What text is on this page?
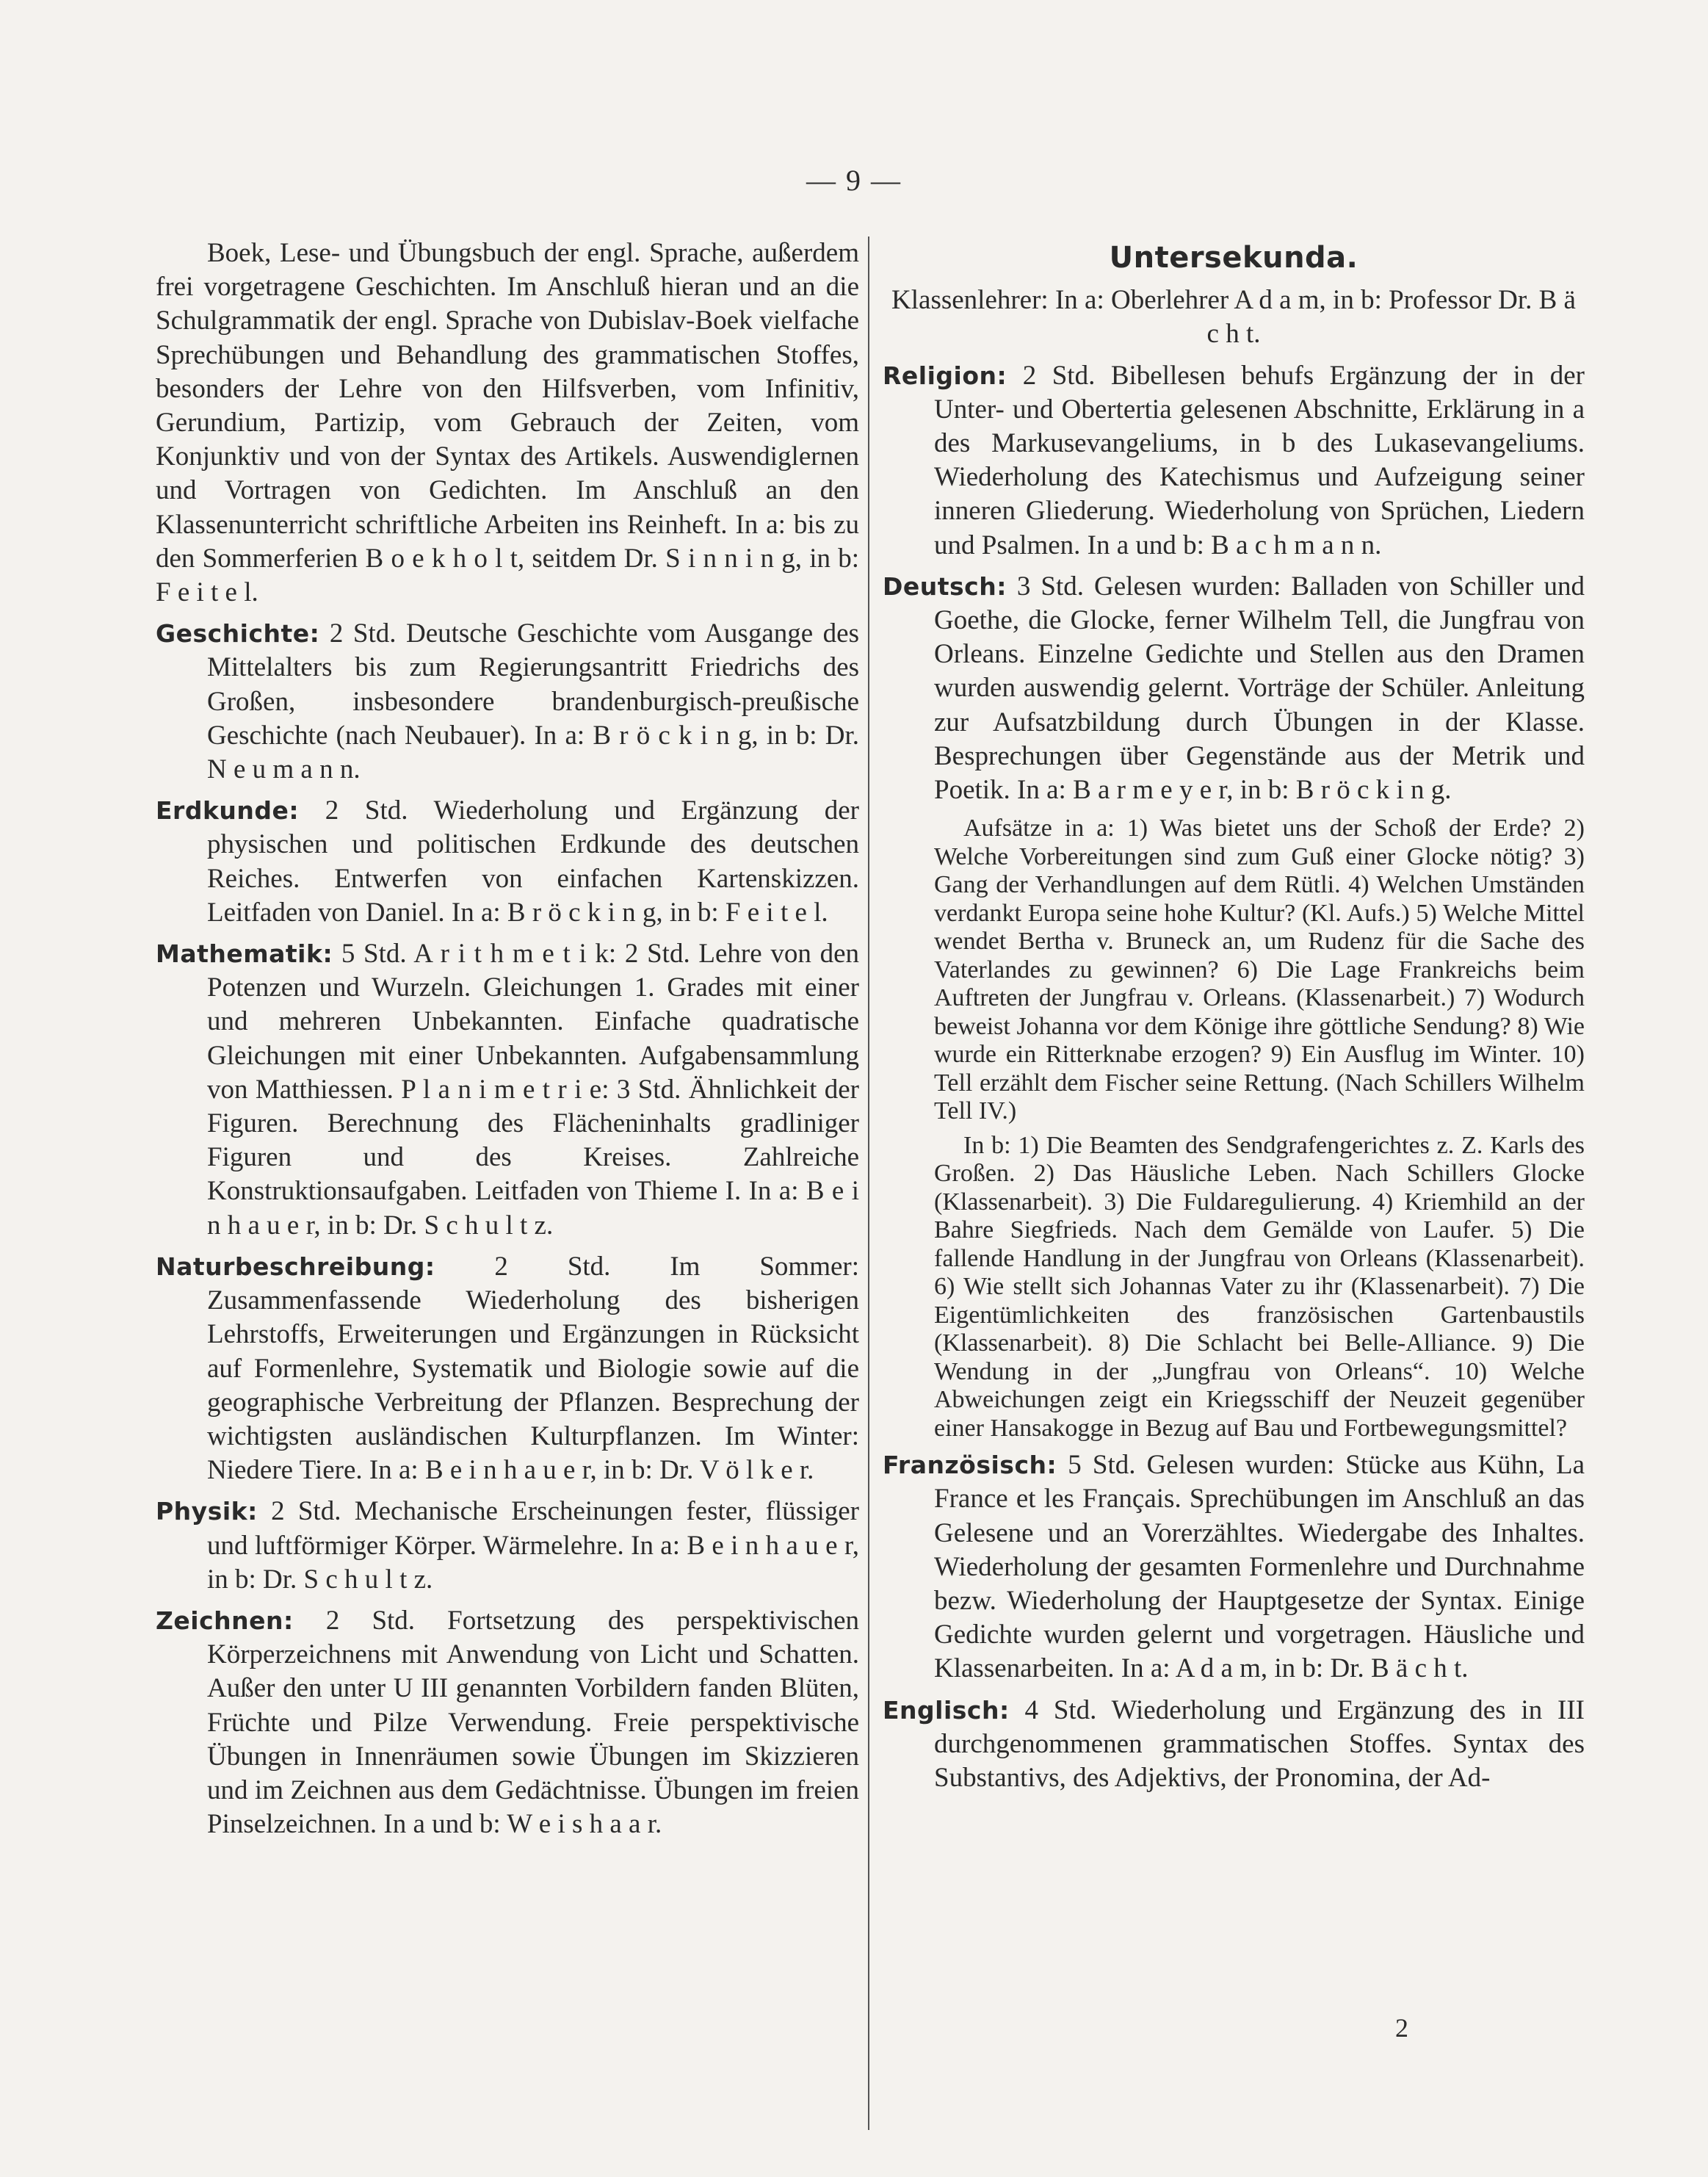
— 9 —

Boek, Lese- und Übungsbuch der engl. Sprache, außerdem frei vorgetragene Geschichten. Im Anschluß hieran und an die Schulgrammatik der engl. Sprache von Dubislav-Boek vielfache Sprechübungen und Behandlung des grammatischen Stoffes, besonders der Lehre von den Hilfsverben, vom Infinitiv, Gerundium, Partizip, vom Gebrauch der Zeiten, vom Konjunktiv und von der Syntax des Artikels. Auswendiglernen und Vortragen von Gedichten. Im Anschluß an den Klassenunterricht schriftliche Arbeiten ins Reinheft. In a: bis zu den Sommerferien B o e k h o l t, seitdem Dr. S i n n i n g, in b: F e i t e l.

Geschichte: 2 Std. Deutsche Geschichte vom Ausgange des Mittelalters bis zum Regierungsantritt Friedrichs des Großen, insbesondere brandenburgisch-preußische Geschichte (nach Neubauer). In a: B r ö c k i n g, in b: Dr. N e u m a n n.

Erdkunde: 2 Std. Wiederholung und Ergänzung der physischen und politischen Erdkunde des deutschen Reiches. Entwerfen von einfachen Kartenskizzen. Leitfaden von Daniel. In a: B r ö c k i n g, in b: F e i t e l.

Mathematik: 5 Std. A r i t h m e t i k: 2 Std. Lehre von den Potenzen und Wurzeln. Gleichungen 1. Grades mit einer und mehreren Unbekannten. Einfache quadratische Gleichungen mit einer Unbekannten. Aufgabensammlung von Matthiessen. P l a n i m e t r i e: 3 Std. Ähnlichkeit der Figuren. Berechnung des Flächeninhalts gradliniger Figuren und des Kreises. Zahlreiche Konstruktionsaufgaben. Leitfaden von Thieme I. In a: B e i n h a u e r, in b: Dr. S c h u l t z.

Naturbeschreibung: 2 Std. Im Sommer: Zusammenfassende Wiederholung des bisherigen Lehrstoffs, Erweiterungen und Ergänzungen in Rücksicht auf Formenlehre, Systematik und Biologie sowie auf die geographische Verbreitung der Pflanzen. Besprechung der wichtigsten ausländischen Kulturpflanzen. Im Winter: Niedere Tiere. In a: B e i n h a u e r, in b: Dr. V ö l k e r.

Physik: 2 Std. Mechanische Erscheinungen fester, flüssiger und luftförmiger Körper. Wärmelehre. In a: B e i n h a u e r, in b: Dr. S c h u l t z.

Zeichnen: 2 Std. Fortsetzung des perspektivischen Körperzeichnens mit Anwendung von Licht und Schatten. Außer den unter U III genannten Vorbildern fanden Blüten, Früchte und Pilze Verwendung. Freie perspektivische Übungen in Innenräumen sowie Übungen im Skizzieren und im Zeichnen aus dem Gedächtnisse. Übungen im freien Pinselzeichnen. In a und b: W e i s h a a r.

Untersekunda.

Klassenlehrer: In a: Oberlehrer A d a m, in b: Professor Dr. B ä c h t.

Religion: 2 Std. Bibellesen behufs Ergänzung der in der Unter- und Obertertia gelesenen Abschnitte, Erklärung in a des Markusevangeliums, in b des Lukasevangeliums. Wiederholung des Katechismus und Aufzeigung seiner inneren Gliederung. Wiederholung von Sprüchen, Liedern und Psalmen. In a und b: B a c h m a n n.

Deutsch: 3 Std. Gelesen wurden: Balladen von Schiller und Goethe, die Glocke, ferner Wilhelm Tell, die Jungfrau von Orleans. Einzelne Gedichte und Stellen aus den Dramen wurden auswendig gelernt. Vorträge der Schüler. Anleitung zur Aufsatzbildung durch Übungen in der Klasse. Besprechungen über Gegenstände aus der Metrik und Poetik. In a: B a r m e y e r, in b: B r ö c k i n g.

Aufsätze in a: 1) Was bietet uns der Schoß der Erde? 2) Welche Vorbereitungen sind zum Guß einer Glocke nötig? 3) Gang der Verhandlungen auf dem Rütli. 4) Welchen Umständen verdankt Europa seine hohe Kultur? (Kl. Aufs.) 5) Welche Mittel wendet Bertha v. Bruneck an, um Rudenz für die Sache des Vaterlandes zu gewinnen? 6) Die Lage Frankreichs beim Auftreten der Jungfrau v. Orleans. (Klassenarbeit.) 7) Wodurch beweist Johanna vor dem Könige ihre göttliche Sendung? 8) Wie wurde ein Ritterknabe erzogen? 9) Ein Ausflug im Winter. 10) Tell erzählt dem Fischer seine Rettung. (Nach Schillers Wilhelm Tell IV.)

In b: 1) Die Beamten des Sendgrafengerichtes z. Z. Karls des Großen. 2) Das Häusliche Leben. Nach Schillers Glocke (Klassenarbeit). 3) Die Fuldaregulierung. 4) Kriemhild an der Bahre Siegfrieds. Nach dem Gemälde von Laufer. 5) Die fallende Handlung in der Jungfrau von Orleans (Klassenarbeit). 6) Wie stellt sich Johannas Vater zu ihr (Klassenarbeit). 7) Die Eigentümlichkeiten des französischen Gartenbaustils (Klassenarbeit). 8) Die Schlacht bei Belle-Alliance. 9) Die Wendung in der „Jungfrau von Orleans“. 10) Welche Abweichungen zeigt ein Kriegsschiff der Neuzeit gegenüber einer Hansakogge in Bezug auf Bau und Fortbewegungsmittel?

Französisch: 5 Std. Gelesen wurden: Stücke aus Kühn, La France et les Français. Sprechübungen im Anschluß an das Gelesene und an Vorerzähltes. Wiedergabe des Inhaltes. Wiederholung der gesamten Formenlehre und Durchnahme bezw. Wiederholung der Hauptgesetze der Syntax. Einige Gedichte wurden gelernt und vorgetragen. Häusliche und Klassenarbeiten. In a: A d a m, in b: Dr. B ä c h t.

Englisch: 4 Std. Wiederholung und Ergänzung des in III durchgenommenen grammatischen Stoffes. Syntax des Substantivs, des Adjektivs, der Pronomina, der Ad-

2
